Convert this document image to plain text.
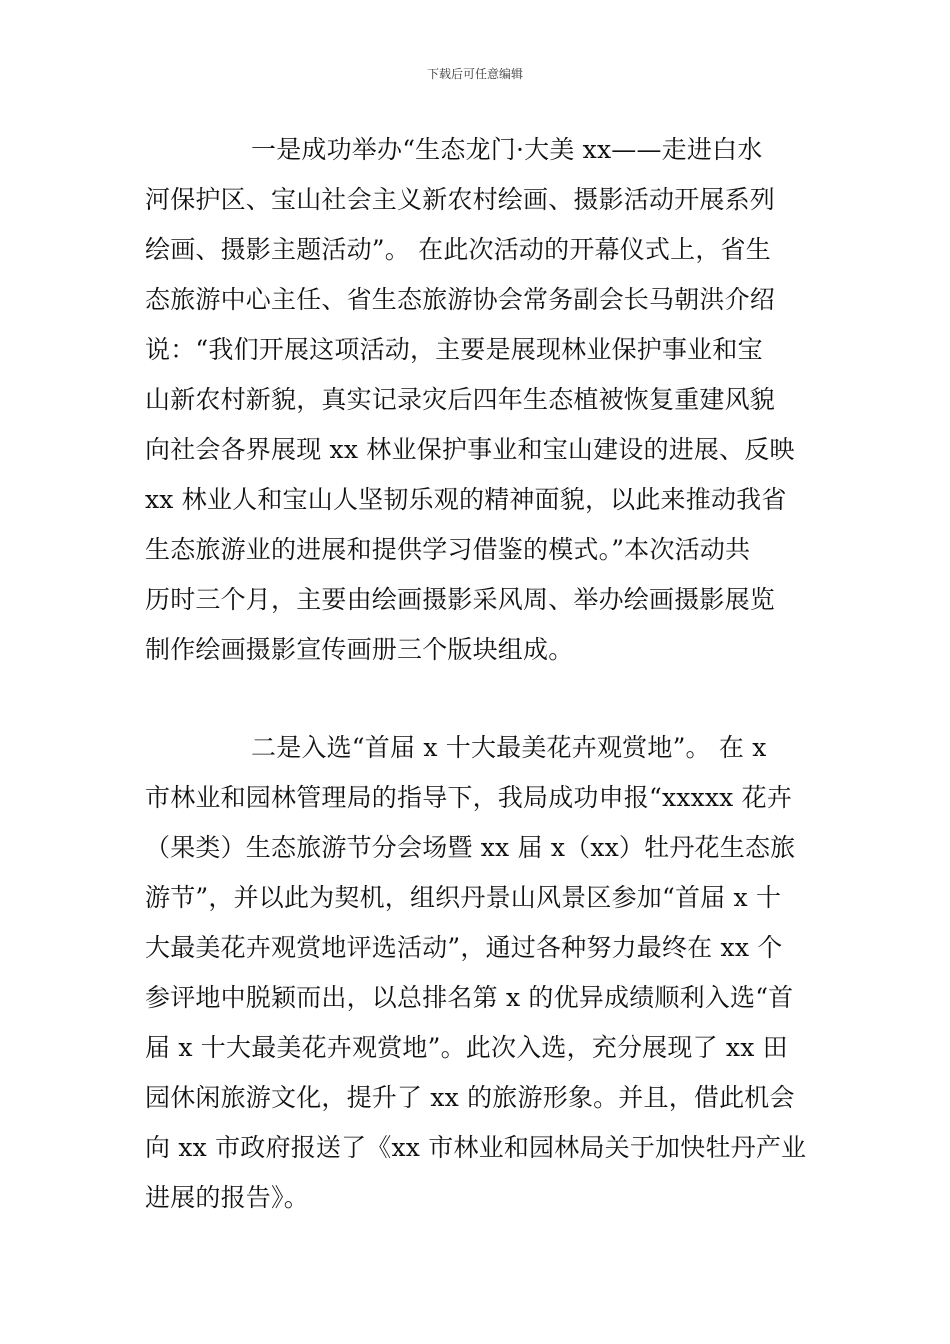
下载后可任意编辑
一是成功举办“生态龙门·大美 xx——走进白水
河保护区、宝山社会主义新农村绘画、摄影活动开展系列
绘画、摄影主题活动”。 在此次活动的开幕仪式上，省生
态旅游中心主任、省生态旅游协会常务副会长马朝洪介绍
说：“我们开展这项活动，主要是展现林业保护事业和宝
山新农村新貌，真实记录灾后四年生态植被恢复重建风貌
向社会各界展现 xx 林业保护事业和宝山建设的进展、反映
xx 林业人和宝山人坚韧乐观的精神面貌，以此来推动我省
生态旅游业的进展和提供学习借鉴的模式。”本次活动共
历时三个月，主要由绘画摄影采风周、举办绘画摄影展览
制作绘画摄影宣传画册三个版块组成。
二是入选“首届 x 十大最美花卉观赏地”。 在 x
市林业和园林管理局的指导下，我局成功申报“xxxxx 花卉
（果类）生态旅游节分会场暨 xx 届 x（xx）牡丹花生态旅
游节”，并以此为契机，组织丹景山风景区参加“首届 x 十
大最美花卉观赏地评选活动”，通过各种努力最终在 xx 个
参评地中脱颖而出，以总排名第 x 的优异成绩顺利入选“首
届 x 十大最美花卉观赏地”。此次入选，充分展现了 xx 田
园休闲旅游文化，提升了 xx 的旅游形象。并且，借此机会
向 xx 市政府报送了《xx 市林业和园林局关于加快牡丹产业
进展的报告》。
